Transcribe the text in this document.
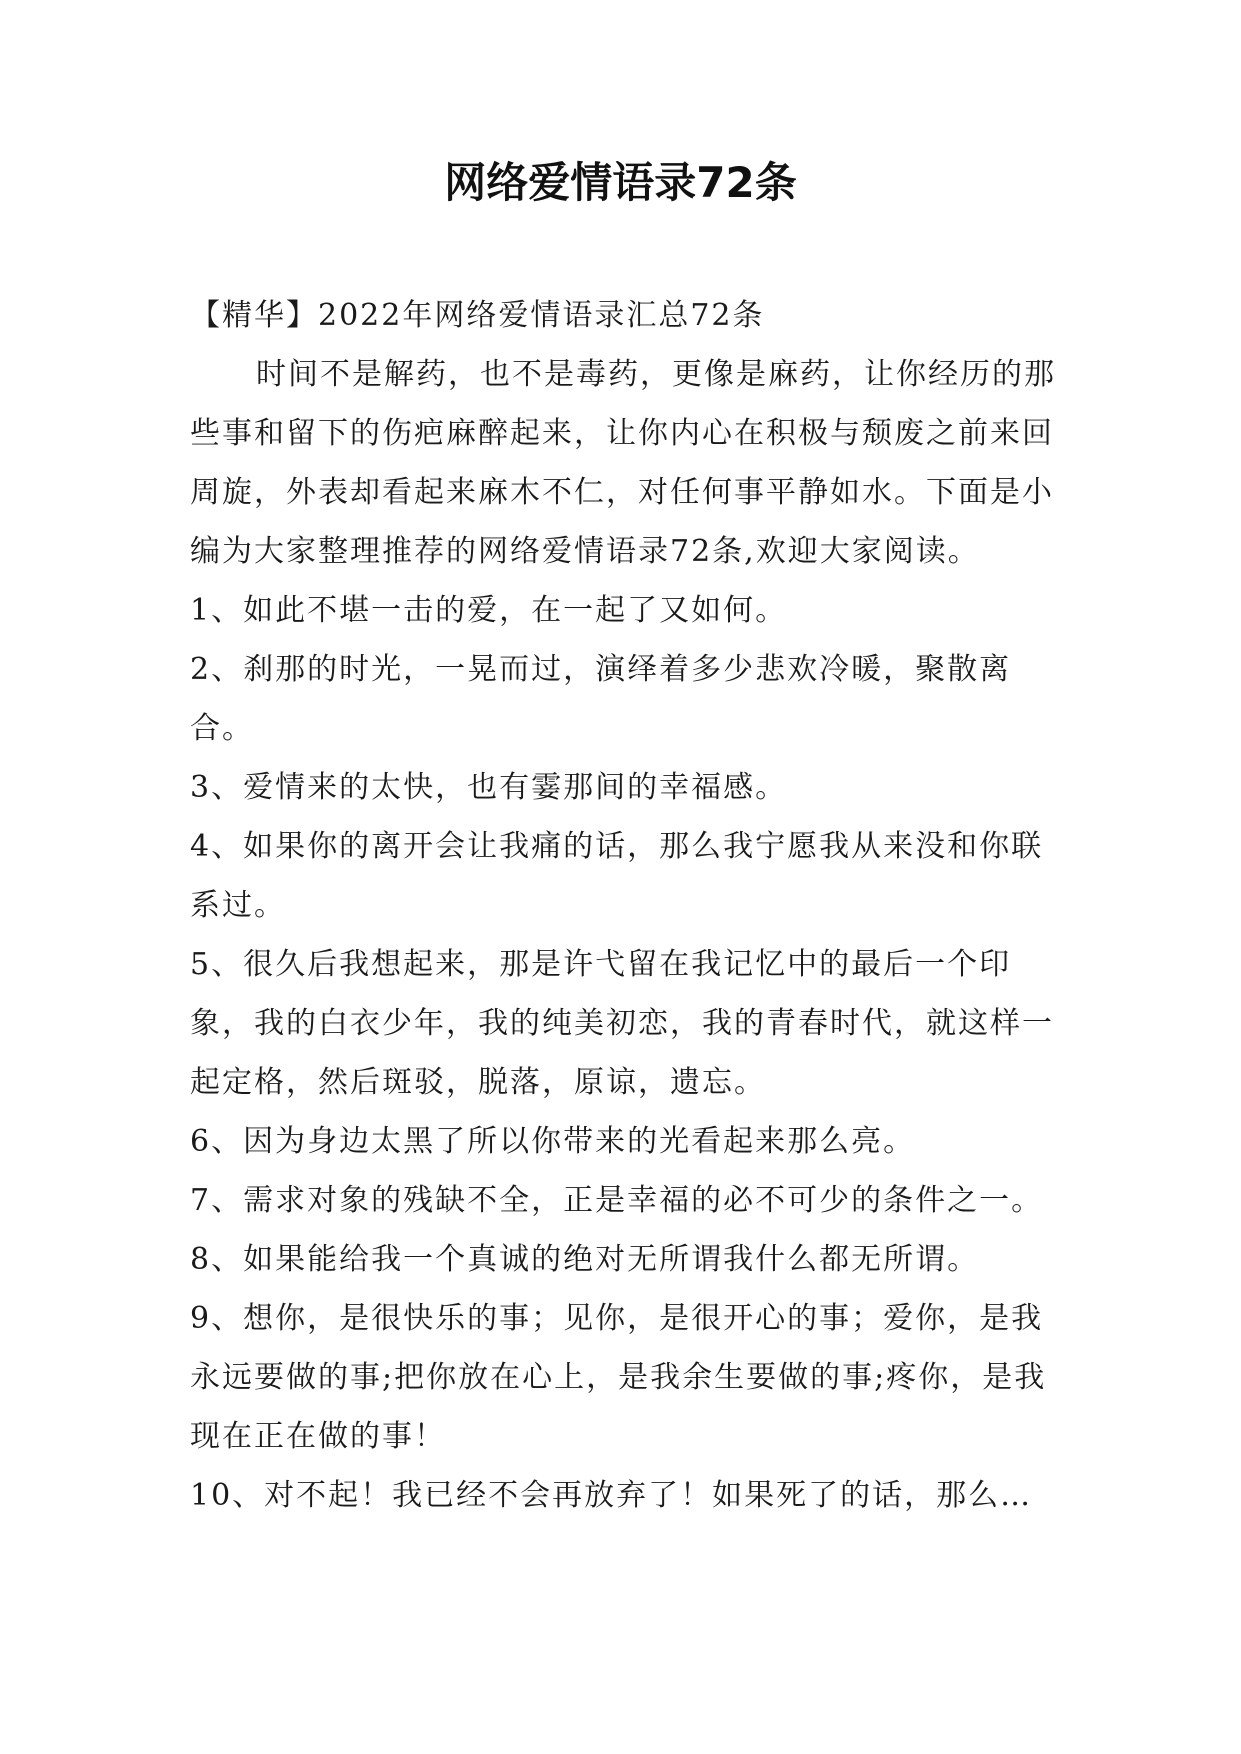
网络爱情语录72条

【精华】2022年网络爱情语录汇总72条

时间不是解药，也不是毒药，更像是麻药，让你经历的那些事和留下的伤疤麻醉起来，让你内心在积极与颓废之前来回周旋，外表却看起来麻木不仁，对任何事平静如水。下面是小编为大家整理推荐的网络爱情语录72条,欢迎大家阅读。

1、如此不堪一击的爱，在一起了又如何。

2、刹那的时光，一晃而过，演绎着多少悲欢冷暖，聚散离合。

3、爱情来的太快，也有霎那间的幸福感。

4、如果你的离开会让我痛的话，那么我宁愿我从来没和你联系过。

5、很久后我想起来，那是许弋留在我记忆中的最后一个印象，我的白衣少年，我的纯美初恋，我的青春时代，就这样一起定格，然后斑驳，脱落，原谅，遗忘。

6、因为身边太黑了所以你带来的光看起来那么亮。

7、需求对象的残缺不全，正是幸福的必不可少的条件之一。

8、如果能给我一个真诚的绝对无所谓我什么都无所谓。

9、想你，是很快乐的事；见你，是很开心的事；爱你，是我永远要做的事;把你放在心上，是我余生要做的事;疼你，是我现在正在做的事！

10、对不起！我已经不会再放弃了！如果死了的话，那么…
